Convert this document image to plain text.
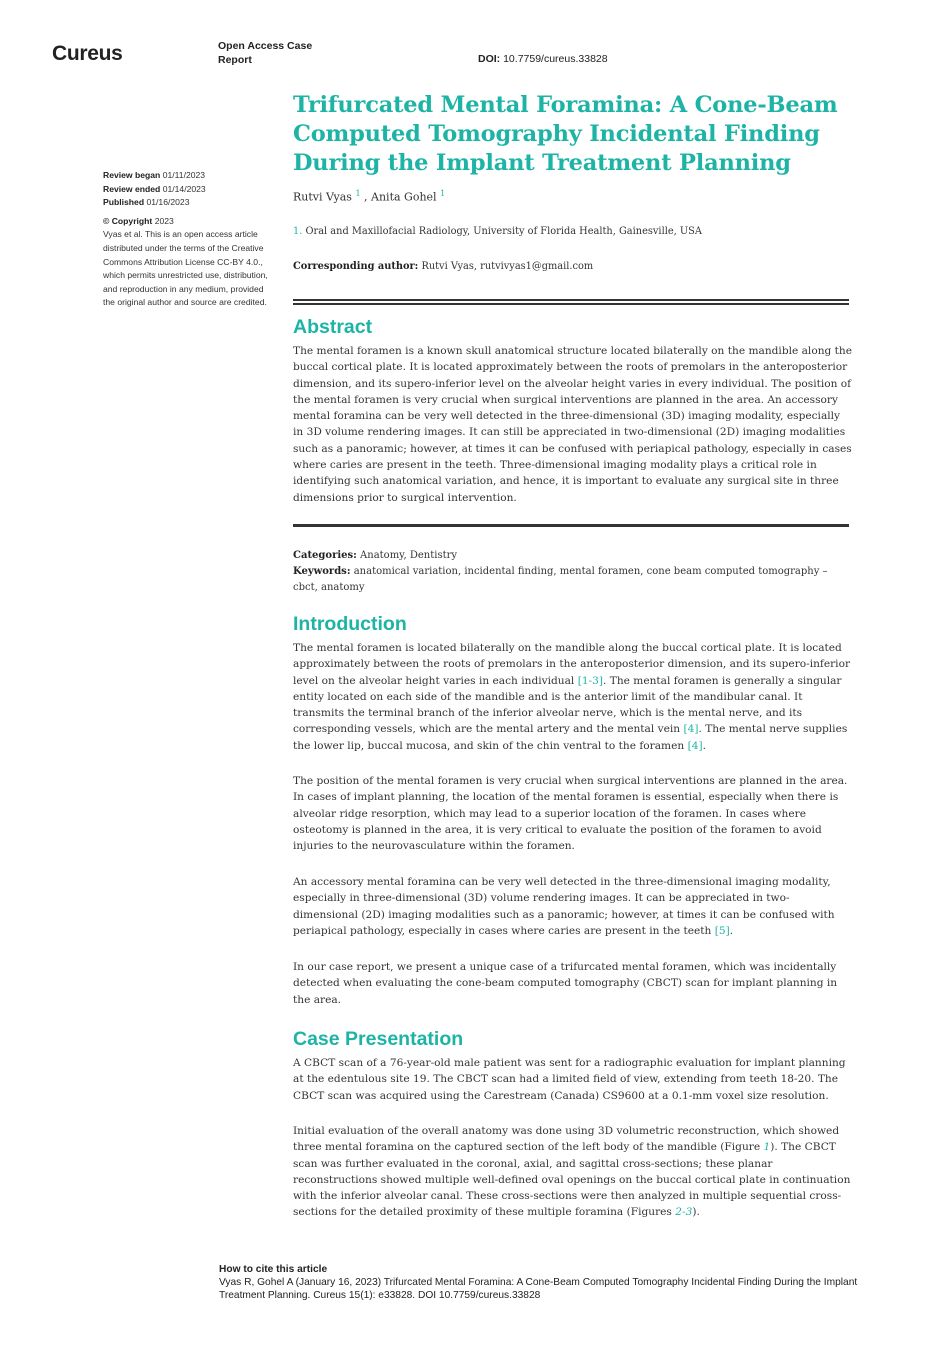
Cureus	Open Access Case Report	DOI: 10.7759/cureus.33828
Review began 01/11/2023
Review ended 01/14/2023
Published 01/16/2023
© Copyright 2023
Vyas et al. This is an open access article distributed under the terms of the Creative Commons Attribution License CC-BY 4.0., which permits unrestricted use, distribution, and reproduction in any medium, provided the original author and source are credited.
Trifurcated Mental Foramina: A Cone-Beam Computed Tomography Incidental Finding During the Implant Treatment Planning
Rutvi Vyas $^1$ , Anita Gohel $^1$
1. Oral and Maxillofacial Radiology, University of Florida Health, Gainesville, USA
Corresponding author: Rutvi Vyas, rutvivyas1@gmail.com
Abstract

The mental foramen is a known skull anatomical structure located bilaterally on the mandible along the buccal cortical plate. It is located approximately between the roots of premolars in the anteroposterior dimension, and its supero-inferior level on the alveolar height varies in every individual. The position of the mental foramen is very crucial when surgical interventions are planned in the area. An accessory mental foramina can be very well detected in the three-dimensional (3D) imaging modality, especially in 3D volume rendering images. It can still be appreciated in two-dimensional (2D) imaging modalities such as a panoramic; however, at times it can be confused with periapical pathology, especially in cases where caries are present in the teeth. Three-dimensional imaging modality plays a critical role in identifying such anatomical variation, and hence, it is important to evaluate any surgical site in three dimensions prior to surgical intervention.

Categories: Anatomy, Dentistry
Keywords: anatomical variation, incidental finding, mental foramen, cone beam computed tomography – cbct, anatomy
Introduction

The mental foramen is located bilaterally on the mandible along the buccal cortical plate. It is located approximately between the roots of premolars in the anteroposterior dimension, and its supero-inferior level on the alveolar height varies in each individual [1-3]. The mental foramen is generally a singular entity located on each side of the mandible and is the anterior limit of the mandibular canal. It transmits the terminal branch of the inferior alveolar nerve, which is the mental nerve, and its corresponding vessels, which are the mental artery and the mental vein [4]. The mental nerve supplies the lower lip, buccal mucosa, and skin of the chin ventral to the foramen [4].

The position of the mental foramen is very crucial when surgical interventions are planned in the area. In cases of implant planning, the location of the mental foramen is essential, especially when there is alveolar ridge resorption, which may lead to a superior location of the foramen. In cases where osteotomy is planned in the area, it is very critical to evaluate the position of the foramen to avoid injuries to the neurovasculature within the foramen.

An accessory mental foramina can be very well detected in the three-dimensional imaging modality, especially in three-dimensional (3D) volume rendering images. It can be appreciated in two-dimensional (2D) imaging modalities such as a panoramic; however, at times it can be confused with periapical pathology, especially in cases where caries are present in the teeth [5].

In our case report, we present a unique case of a trifurcated mental foramen, which was incidentally detected when evaluating the cone-beam computed tomography (CBCT) scan for implant planning in the area.

Case Presentation

A CBCT scan of a 76-year-old male patient was sent for a radiographic evaluation for implant planning at the edentulous site 19. The CBCT scan had a limited field of view, extending from teeth 18-20. The CBCT scan was acquired using the Carestream (Canada) CS9600 at a 0.1-mm voxel size resolution.

Initial evaluation of the overall anatomy was done using 3D volumetric reconstruction, which showed three mental foramina on the captured section of the left body of the mandible (Figure 1). The CBCT scan was further evaluated in the coronal, axial, and sagittal cross-sections; these planar reconstructions showed multiple well-defined oval openings on the buccal cortical plate in continuation with the inferior alveolar canal. These cross-sections were then analyzed in multiple sequential cross-sections for the detailed proximity of these multiple foramina (Figures 2-3).

How to cite this article
Vyas R, Gohel A (January 16, 2023) Trifurcated Mental Foramina: A Cone-Beam Computed Tomography Incidental Finding During the Implant Treatment Planning. Cureus 15(1): e33828. DOI 10.7759/cureus.33828
